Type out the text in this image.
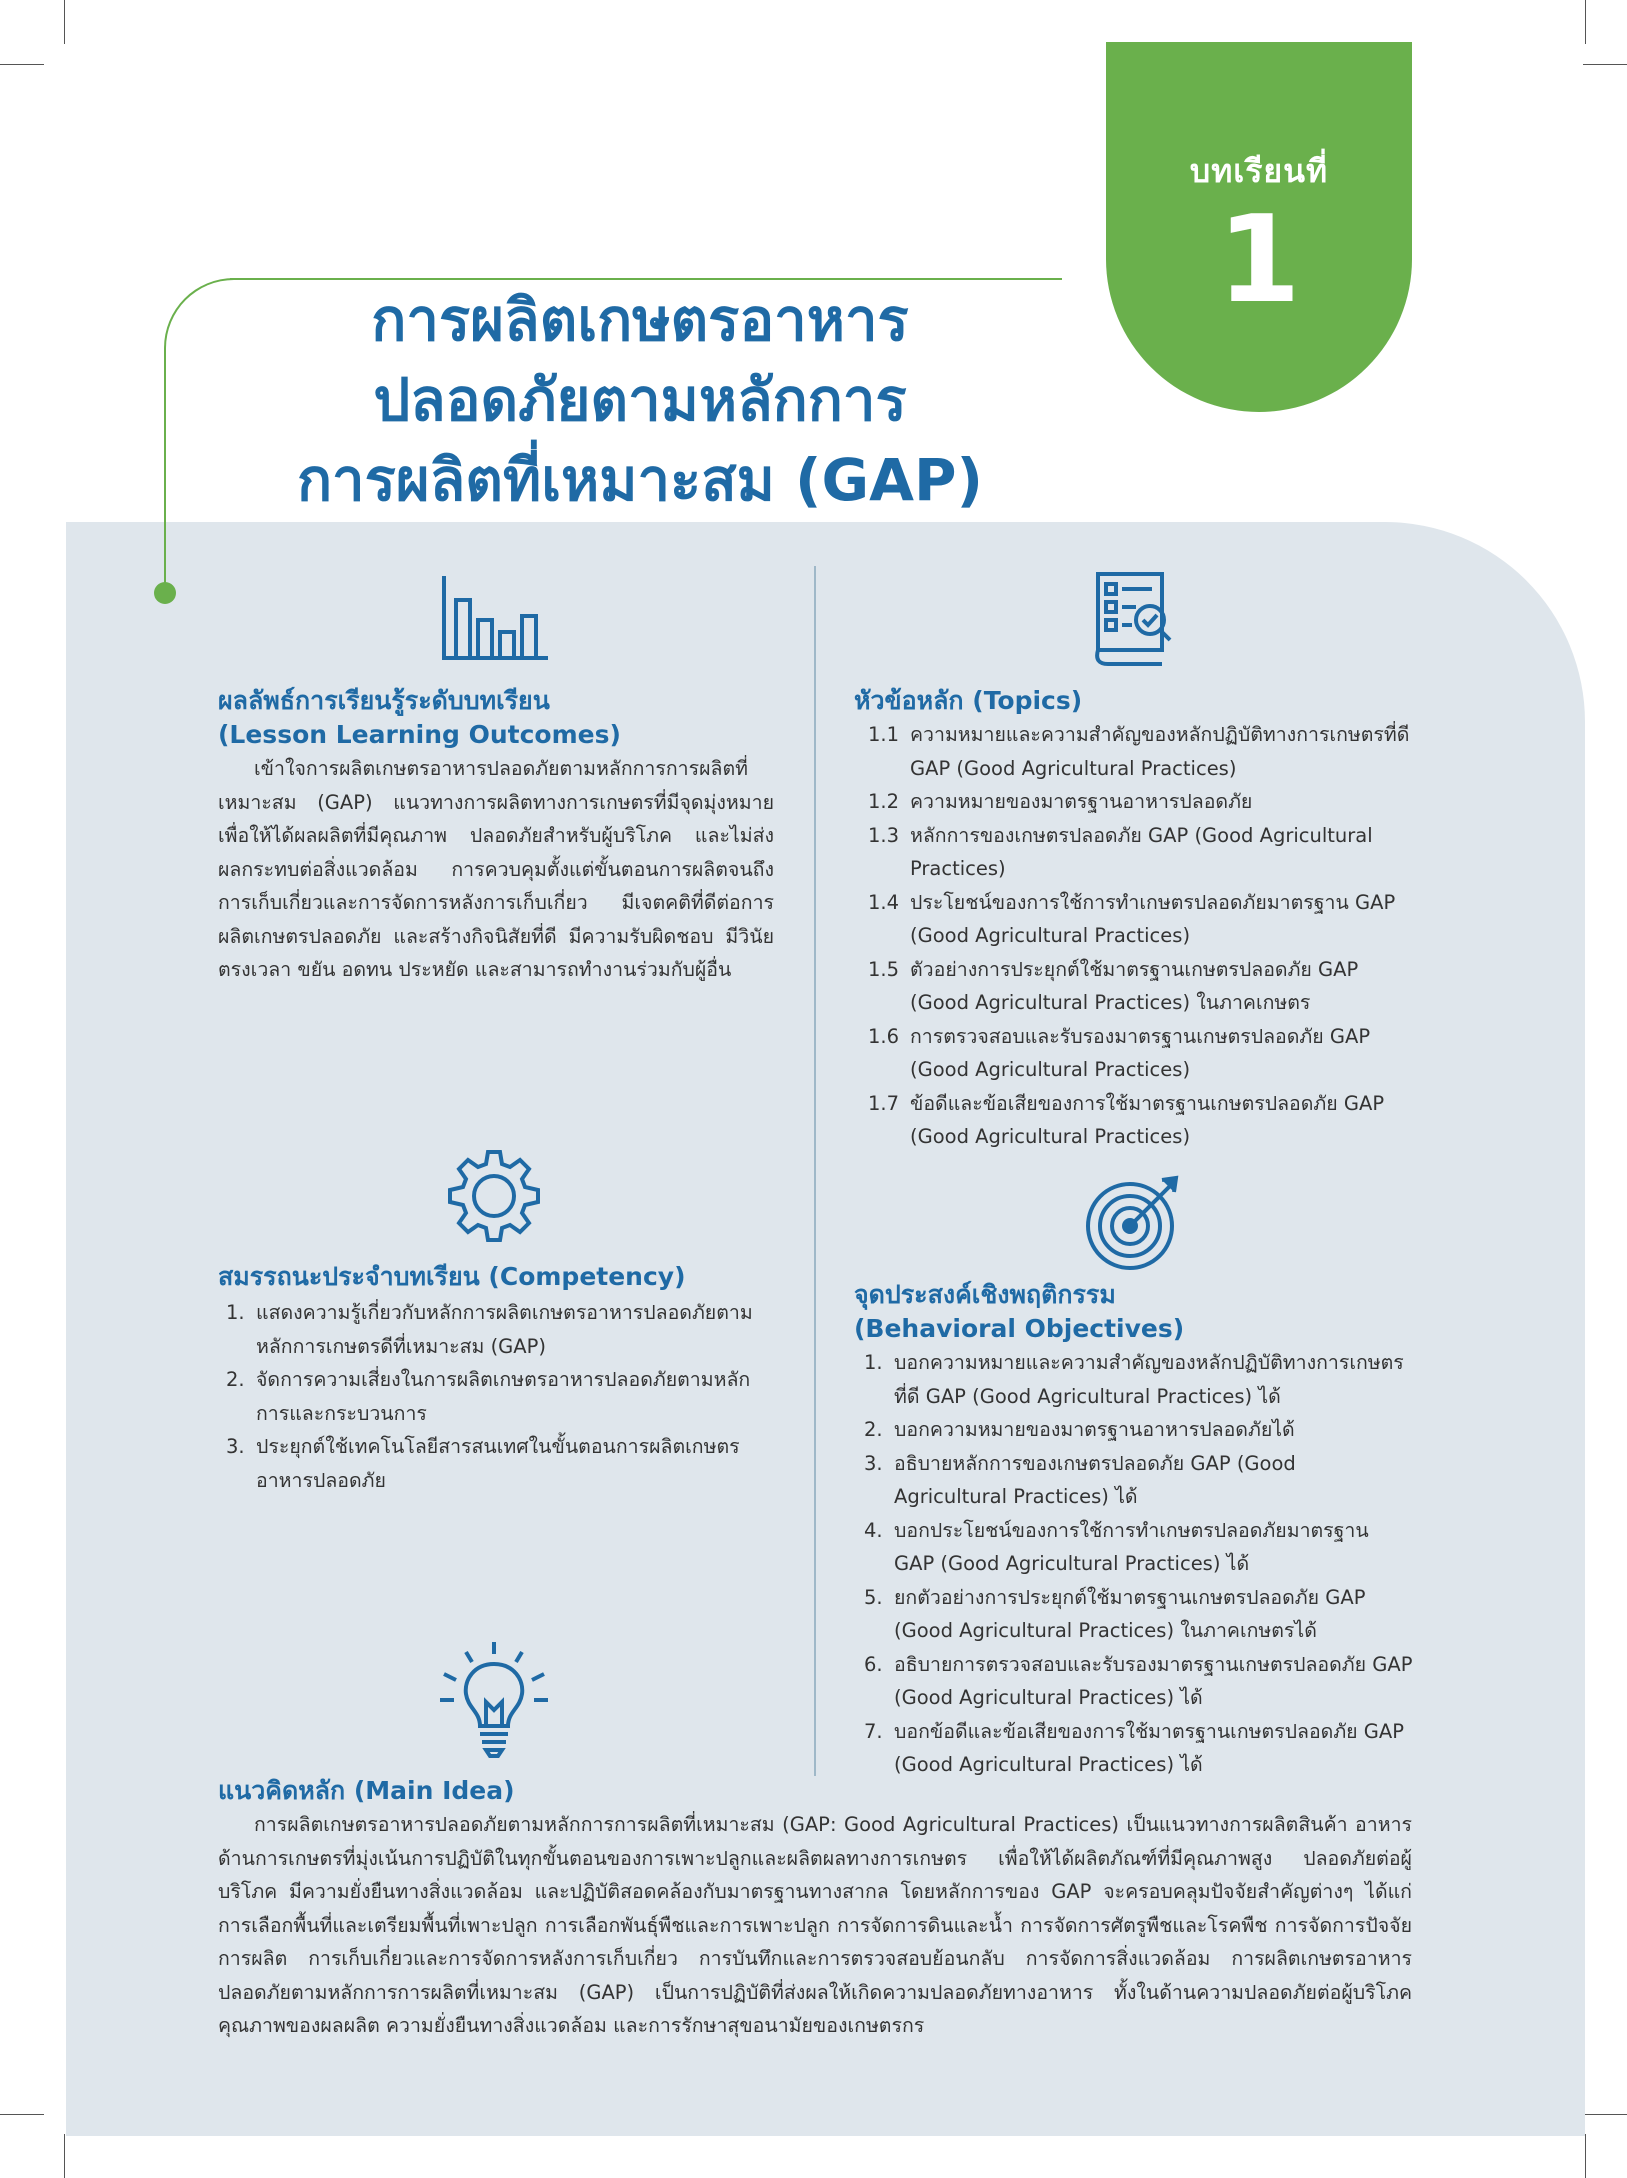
บทเรียนที่
1
การผลิตเกษตรอาหาร
ปลอดภัยตามหลักการ
การผลิตที่เหมาะสม (GAP)
ผลลัพธ์การเรียนรู้ระดับบทเรียน
(Lesson Learning Outcomes)

เข้าใจการผลิตเกษตรอาหารปลอดภัยตามหลักการการผลิตที่เหมาะสม (GAP) แนวทางการผลิตทางการเกษตรที่มีจุดมุ่งหมายเพื่อให้ได้ผลผลิตที่มีคุณภาพ ปลอดภัยสำหรับผู้บริโภค และไม่ส่งผลกระทบต่อสิ่งแวดล้อม การควบคุมตั้งแต่ขั้นตอนการผลิตจนถึงการเก็บเกี่ยวและการจัดการหลังการเก็บเกี่ยว มีเจตคติที่ดีต่อการผลิตเกษตรปลอดภัย และสร้างกิจนิสัยที่ดี มีความรับผิดชอบ มีวินัย ตรงเวลา ขยัน อดทน ประหยัด และสามารถทำงานร่วมกับผู้อื่น

หัวข้อหลัก (Topics)
1.1 ความหมายและความสำคัญของหลักปฏิบัติทางการเกษตรที่ดี GAP (Good Agricultural Practices)
1.2 ความหมายของมาตรฐานอาหารปลอดภัย
1.3 หลักการของเกษตรปลอดภัย GAP (Good Agricultural Practices)
1.4 ประโยชน์ของการใช้การทำเกษตรปลอดภัยมาตรฐาน GAP (Good Agricultural Practices)
1.5 ตัวอย่างการประยุกต์ใช้มาตรฐานเกษตรปลอดภัย GAP (Good Agricultural Practices) ในภาคเกษตร
1.6 การตรวจสอบและรับรองมาตรฐานเกษตรปลอดภัย GAP (Good Agricultural Practices)
1.7 ข้อดีและข้อเสียของการใช้มาตรฐานเกษตรปลอดภัย GAP (Good Agricultural Practices)
สมรรถนะประจำบทเรียน (Competency)
1. แสดงความรู้เกี่ยวกับหลักการผลิตเกษตรอาหารปลอดภัยตามหลักการเกษตรดีที่เหมาะสม (GAP)
2. จัดการความเสี่ยงในการผลิตเกษตรอาหารปลอดภัยตามหลักการและกระบวนการ
3. ประยุกต์ใช้เทคโนโลยีสารสนเทศในขั้นตอนการผลิตเกษตรอาหารปลอดภัย
จุดประสงค์เชิงพฤติกรรม
(Behavioral Objectives)
1. บอกความหมายและความสำคัญของหลักปฏิบัติทางการเกษตรที่ดี GAP (Good Agricultural Practices) ได้
2. บอกความหมายของมาตรฐานอาหารปลอดภัยได้
3. อธิบายหลักการของเกษตรปลอดภัย GAP (Good Agricultural Practices) ได้
4. บอกประโยชน์ของการใช้การทำเกษตรปลอดภัยมาตรฐาน GAP (Good Agricultural Practices) ได้
5. ยกตัวอย่างการประยุกต์ใช้มาตรฐานเกษตรปลอดภัย GAP (Good Agricultural Practices) ในภาคเกษตรได้
6. อธิบายการตรวจสอบและรับรองมาตรฐานเกษตรปลอดภัย GAP (Good Agricultural Practices) ได้
7. บอกข้อดีและข้อเสียของการใช้มาตรฐานเกษตรปลอดภัย GAP (Good Agricultural Practices) ได้
แนวคิดหลัก (Main Idea)

การผลิตเกษตรอาหารปลอดภัยตามหลักการการผลิตที่เหมาะสม (GAP: Good Agricultural Practices) เป็นแนวทางการผลิตสินค้า อาหารด้านการเกษตรที่มุ่งเน้นการปฏิบัติในทุกขั้นตอนของการเพาะปลูกและผลิตผลทางการเกษตร เพื่อให้ได้ผลิตภัณฑ์ที่มีคุณภาพสูง ปลอดภัยต่อผู้บริโภค มีความยั่งยืนทางสิ่งแวดล้อม และปฏิบัติสอดคล้องกับมาตรฐานทางสากล โดยหลักการของ GAP จะครอบคลุมปัจจัยสำคัญต่างๆ ได้แก่ การเลือกพื้นที่และเตรียมพื้นที่เพาะปลูก การเลือกพันธุ์พืชและการเพาะปลูก การจัดการดินและน้ำ การจัดการศัตรูพืชและโรคพืช การจัดการปัจจัยการผลิต การเก็บเกี่ยวและการจัดการหลังการเก็บเกี่ยว การบันทึกและการตรวจสอบย้อนกลับ การจัดการสิ่งแวดล้อม การผลิตเกษตรอาหารปลอดภัยตามหลักการการผลิตที่เหมาะสม (GAP) เป็นการปฏิบัติที่ส่งผลให้เกิดความปลอดภัยทางอาหาร ทั้งในด้านความปลอดภัยต่อผู้บริโภค คุณภาพของผลผลิต ความยั่งยืนทางสิ่งแวดล้อม และการรักษาสุขอนามัยของเกษตรกร
